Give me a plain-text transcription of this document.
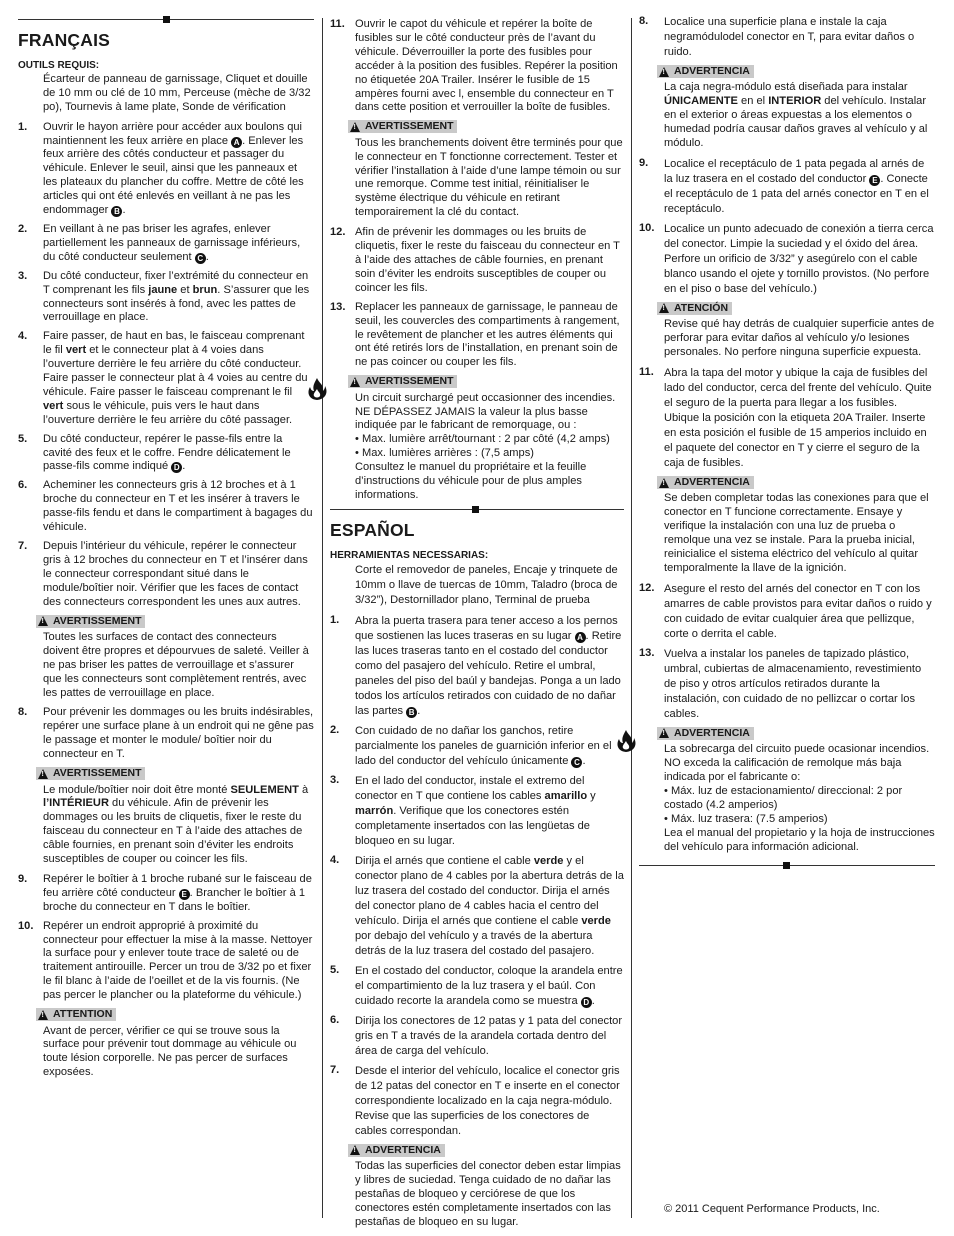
FRANÇAIS
OUTILS REQUIS:
Écarteur de panneau de garnissage, Cliquet et douille de 10 mm ou clé de 10 mm, Perceuse (mèche de 3/32 po), Tournevis à lame plate, Sonde de vérification
1.	Ouvrir le hayon arrière pour accéder aux boulons qui maintiennent les feux arrière en place A . Enlever les feux arrière des côtés conducteur et passager du véhicule. Enlever le seuil, ainsi que les panneaux et les plateaux du plancher du coffre. Mettre de côté les articles qui ont été enlevés en veillant à ne pas les endommager B .
2.	En veillant à ne pas briser les agrafes, enlever partiellement les panneaux de garnissage inférieurs, du côté conducteur seulement C .
3.	Du côté conducteur, fixer l’extrémité du connecteur en T comprenant les fils jaune et brun. S’assurer que les connecteurs sont insérés à fond, avec les pattes de verrouillage en place.
4.	Faire passer, de haut en bas, le faisceau comprenant le fil vert et le connecteur plat à 4 voies dans l’ouverture derrière le feu arrière du côté conducteur. Faire passer le connecteur plat à 4 voies au centre du véhicule. Faire passer le faisceau comprenant le fil vert sous le véhicule, puis vers le haut dans l’ouverture derrière le feu arrière du côté passager.
5.	Du côté conducteur, repérer le passe-fils entre la cavité des feux et le coffre. Fendre délicatement le passe-fils comme indiqué D .
6.	Acheminer les connecteurs gris à 12 broches et à 1 broche du connecteur en T et les insérer à travers le passe-fils fendu et dans le compartiment à bagages du véhicule.
7.	Depuis l’intérieur du véhicule, repérer le connecteur gris à 12 broches du connecteur en T et l’insérer dans le connecteur correspondant situé dans le module/boîtier noir. Vérifier que les faces de contact des connecteurs correspondent les unes aux autres.
!
AVERTISSEMENT
Toutes les surfaces de contact des connecteurs doivent être propres et dépourvues de saleté. Veiller à ne pas briser les pattes de verrouillage et s’assurer que les connecteurs sont complètement rentrés, avec les pattes de verrouillage en place.
8.	Pour prévenir les dommages ou les bruits indésirables, repérer une surface plane à un endroit qui ne gêne pas le passage et monter le module/ boîtier noir du connecteur en T.
!
AVERTISSEMENT
Le module/boîtier noir doit être monté SEULEMENT à l’INTÉRIEUR du véhicule. Afin de prévenir les dommages ou les bruits de cliquetis, fixer le reste du faisceau du connecteur en T à l’aide des attaches de câble fournies, en prenant soin d’éviter les endroits susceptibles de couper ou coincer les fils.
9.	Repérer le boîtier à 1 broche rubané sur le faisceau de feu arrière côté conducteur E . Brancher le boîtier à 1 broche du connecteur en T dans le boîtier.
10. Repérer un endroit approprié à proximité du connecteur pour effectuer la mise à la masse. Nettoyer la surface pour y enlever toute trace de saleté ou de traitement antirouille. Percer un trou de 3/32 po et fixer le fil blanc à l’aide de l’oeillet et de la vis fournis. (Ne pas percer le plancher ou la plateforme du véhicule.)
!
ATTENTION
Avant de percer, vérifier ce qui se trouve sous la surface pour prévenir tout dommage au véhicule ou toute lésion corporelle. Ne pas percer de surfaces exposées.
11. Ouvrir le capot du véhicule et repérer la boîte de fusibles sur le côté conducteur près de l’avant du véhicule. Déverrouiller la porte des fusibles pour accéder à la position des fusibles. Repérer la position no étiquetée 20A Trailer. Insérer le fusible de 15 ampères fourni avec l, ensemble du connecteur en T dans cette position et verrouiller la boîte de fusibles.
!
AVERTISSEMENT
Tous les branchements doivent être terminés pour que le connecteur en T fonctionne correctement. Tester et vérifier l’installation à l’aide d’une lampe témoin ou sur une remorque. Comme test initial, réinitialiser le système électrique du véhicule en retirant temporairement la clé du contact.
12. Afin de prévenir les dommages ou les bruits de cliquetis, fixer le reste du faisceau du connecteur en T à l’aide des attaches de câble fournies, en prenant soin d’éviter les endroits susceptibles de couper ou coincer les fils.
13. Replacer les panneaux de garnissage, le panneau de seuil, les couvercles des compartiments à rangement, le revêtement de plancher et les autres éléments qui ont été retirés lors de l’installation, en prenant soin de ne pas coincer ou couper les fils.
!
AVERTISSEMENT
Un circuit surchargé peut occasionner des incendies.
NE DÉPASSEZ JAMAIS la valeur la plus basse indiquée par le fabricant de remorquage, ou :
• Max. lumière arrêt/tournant : 2 par côté (4,2 amps)
• Max. lumières arrières : (7,5 amps)
Consultez le manuel du propriétaire et la feuille d’instructions du véhicule pour de plus amples informations.
ESPAÑOL
HERRAMIENTAS NECESSARIAS:
Corte el removedor de paneles, Encaje y trinquete de 10mm o llave de tuercas de 10mm, Taladro (broca de 3/32”), Destornillador plano, Terminal de prueba
1.	Abra la puerta trasera para tener acceso a los pernos que sostienen las luces traseras en su lugar A . Retire las luces traseras tanto en el costado del conductor como del pasajero del vehículo. Retire el umbral, paneles del piso del baúl y bandejas. Ponga a un lado todos los artículos retirados con cuidado de no dañar las partes B .
2.	Con cuidado de no dañar los ganchos, retire parcialmente los paneles de guarnición inferior en el lado del conductor del vehículo únicamente C .
3.	En el lado del conductor, instale el extremo del conector en T que contiene los cables amarillo y marrón. Verifique que los conectores estén completamente insertados con las lengüetas de bloqueo en su lugar.
4.	Dirija el arnés que contiene el cable verde y el conector plano de 4 cables por la abertura detrás de la luz trasera del costado del conductor. Dirija el arnés del conector plano de 4 cables hacia el centro del vehículo. Dirija el arnés que contiene el cable verde por debajo del vehículo y a través de la abertura detrás de la luz trasera del costado del pasajero.
5.	En el costado del conductor, coloque la arandela entre el compartimiento de la luz trasera y el baúl. Con cuidado recorte la arandela como se muestra D .
6.	Dirija los conectores de 12 patas y 1 pata del conector gris en T a través de la arandela cortada dentro del área de carga del vehículo.
7.	Desde el interior del vehículo, localice el conector gris de 12 patas del conector en T e inserte en el conector correspondiente localizado en la caja negra-módulo. Revise que las superficies de los conectores de cables correspondan.
!
ADVERTENCIA
Todas las superficies del conector deben estar limpias y libres de suciedad. Tenga cuidado de no dañar las pestañas de bloqueo y cerciórese de que los conectores estén completamente insertados con las pestañas de bloqueo en su lugar.
8.	Localice una superficie plana e instale la caja negramódulodel conector en T, para evitar daños o ruido.
!
ADVERTENCIA
La caja negra-módulo está diseñada para instalar ÚNICAMENTE en el INTERIOR del vehículo. Instalar en el exterior o áreas expuestas a los elementos o humedad podría causar daños graves al vehículo y al módulo.
9.	Localice el receptáculo de 1 pata pegada al arnés de la luz trasera en el costado del conductor E . Conecte el receptáculo de 1 pata del arnés conector en T en el receptáculo.
10. Localice un punto adecuado de conexión a tierra cerca del conector. Limpie la suciedad y el óxido del área. Perfore un orificio de 3/32” y asegúrelo con el cable blanco usando el ojete y tornillo provistos. (No perfore en el piso o base del vehículo.)
!
ATENCIÓN
Revise qué hay detrás de cualquier superficie antes de perforar para evitar daños al vehículo y/o lesiones personales. No perfore ninguna superficie expuesta.
11. Abra la tapa del motor y ubique la caja de fusibles del lado del conductor, cerca del frente del vehículo. Quite el seguro de la puerta para llegar a los fusibles. Ubique la posición con la etiqueta 20A Trailer. Inserte en esta posición el fusible de 15 amperios incluido en el paquete del conector en T y cierre el seguro de la caja de fusibles.
!
ADVERTENCIA
Se deben completar todas las conexiones para que el conector en T funcione correctamente. Ensaye y verifique la instalación con una luz de prueba o remolque una vez se instale. Para la prueba inicial, reinicialice el sistema eléctrico del vehículo al quitar temporalmente la llave de la ignición.
12. Asegure el resto del arnés del conector en T con los amarres de cable provistos para evitar daños o ruido y con cuidado de evitar cualquier área que pellizque, corte o derrita el cable.
13. Vuelva a instalar los paneles de tapizado plástico, umbral, cubiertas de almacenamiento, revestimiento de piso y otros artículos retirados durante la instalación, con cuidado de no pellizcar o cortar los cables.
!
ADVERTENCIA
La sobrecarga del circuito puede ocasionar incendios.
NO exceda la calificación de remolque más baja indicada por el fabricante o:
• Máx. luz de estacionamiento/ direccional: 2 por costado (4.2 amperios)
• Máx. luz trasera: (7.5 amperios)
Lea el manual del propietario y la hoja de instrucciones del vehículo para información adicional.
© 2011 Cequent Performance Products, Inc.
